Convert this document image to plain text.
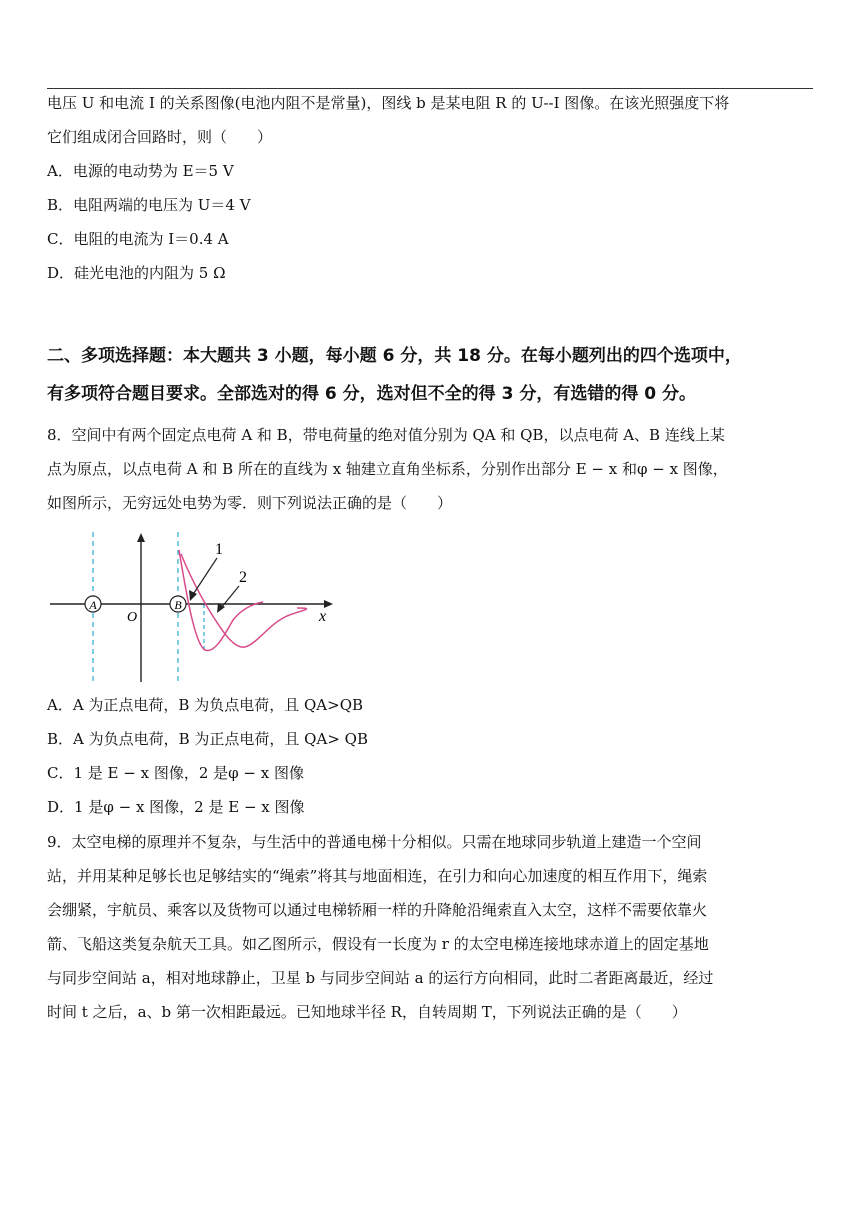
电压 U 和电流 I 的关系图像(电池内阻不是常量)，图线 b 是某电阻 R 的 U--I 图像。在该光照强度下将
它们组成闭合回路时，则（　　）
A．电源的电动势为 E＝5 V
B．电阻两端的电压为 U＝4 V
C．电阻的电流为 I＝0.4 A
D．硅光电池的内阻为 5 Ω
二、多项选择题：本大题共 3 小题，每小题 6 分，共 18 分。在每小题列出的四个选项中，
有多项符合题目要求。全部选对的得 6 分，选对但不全的得 3 分，有选错的得 0 分。
8．空间中有两个固定点电荷 A 和 B，带电荷量的绝对值分别为 QA 和 QB，以点电荷 A、B 连线上某
点为原点，以点电荷 A 和 B 所在的直线为 x 轴建立直角坐标系，分别作出部分 E − x 和φ − x 图像，
如图所示，无穷远处电势为零．则下列说法正确的是（　　）
A	B
O	x
1
2
A．A 为正点电荷，B 为负点电荷，且 QA>QB
B．A 为负点电荷，B 为正点电荷，且 QA> QB
C．1 是 E − x 图像，2 是φ − x 图像
D．1 是φ − x 图像，2 是 E − x 图像
9．太空电梯的原理并不复杂，与生活中的普通电梯十分相似。只需在地球同步轨道上建造一个空间
站，并用某种足够长也足够结实的“绳索”将其与地面相连，在引力和向心加速度的相互作用下，绳索
会绷紧，宇航员、乘客以及货物可以通过电梯轿厢一样的升降舱沿绳索直入太空，这样不需要依靠火
箭、飞船这类复杂航天工具。如乙图所示，假设有一长度为 r 的太空电梯连接地球赤道上的固定基地
与同步空间站 a，相对地球静止，卫星 b 与同步空间站 a 的运行方向相同，此时二者距离最近，经过
时间 t 之后，a、b 第一次相距最远。已知地球半径 R，自转周期 T，下列说法正确的是（　　）
